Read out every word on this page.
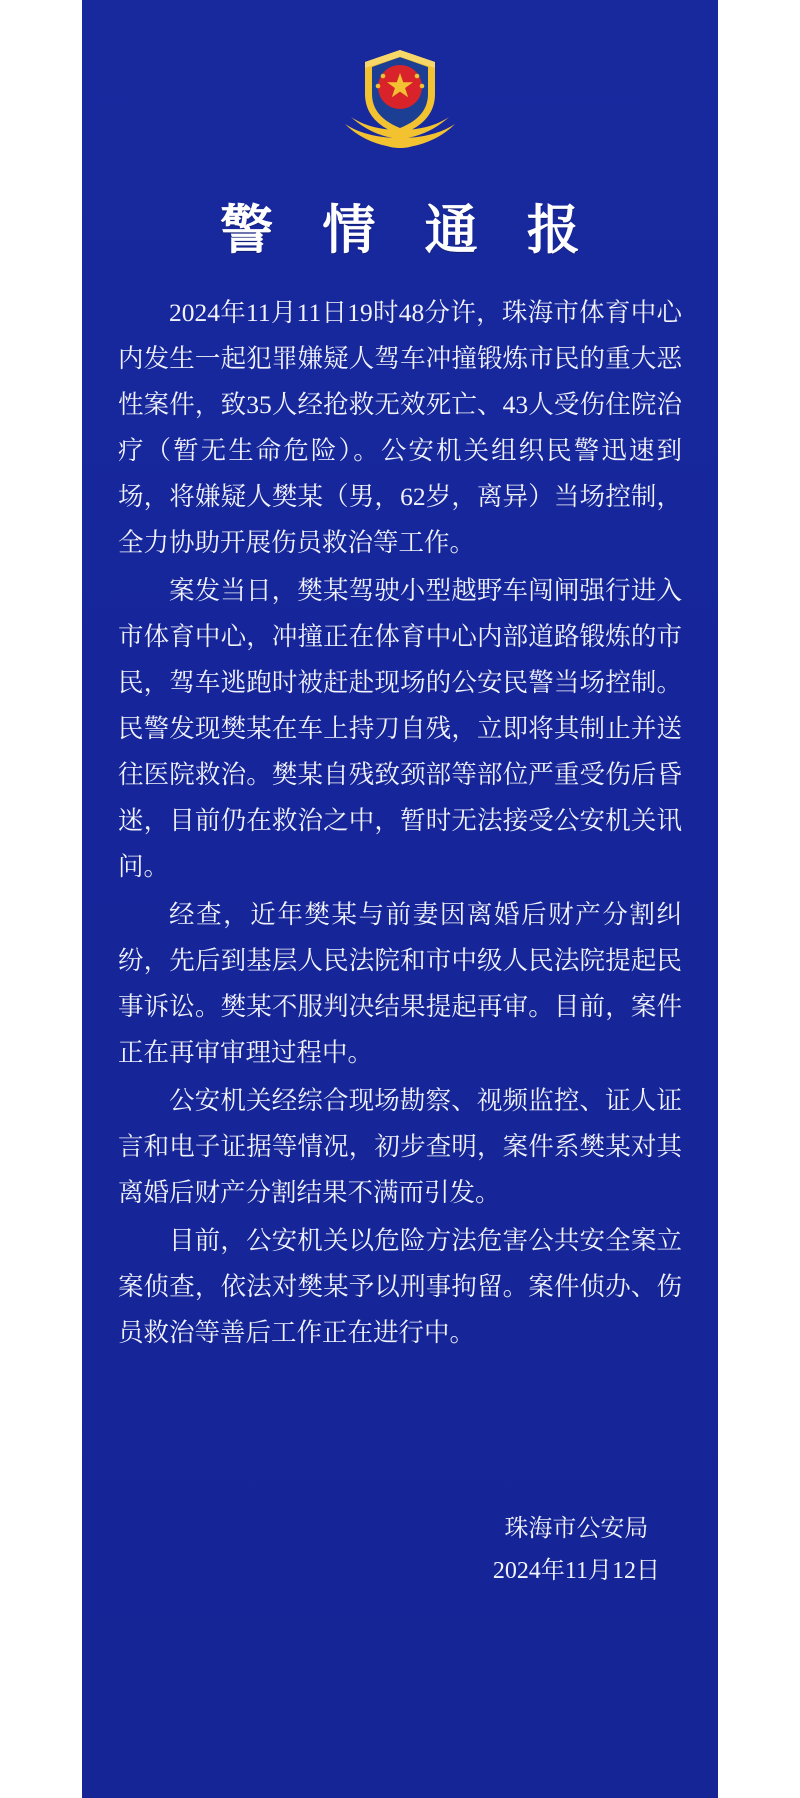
警 情 通 报

2024年11月11日19时48分许，珠海市体育中心内发生一起犯罪嫌疑人驾车冲撞锻炼市民的重大恶性案件，致35人经抢救无效死亡、43人受伤住院治疗（暂无生命危险）。公安机关组织民警迅速到场，将嫌疑人樊某（男，62岁，离异）当场控制，全力协助开展伤员救治等工作。

案发当日，樊某驾驶小型越野车闯闸强行进入市体育中心，冲撞正在体育中心内部道路锻炼的市民，驾车逃跑时被赶赴现场的公安民警当场控制。民警发现樊某在车上持刀自残，立即将其制止并送往医院救治。樊某自残致颈部等部位严重受伤后昏迷，目前仍在救治之中，暂时无法接受公安机关讯问。

经查，近年樊某与前妻因离婚后财产分割纠纷，先后到基层人民法院和市中级人民法院提起民事诉讼。樊某不服判决结果提起再审。目前，案件正在再审审理过程中。

公安机关经综合现场勘察、视频监控、证人证言和电子证据等情况，初步查明，案件系樊某对其离婚后财产分割结果不满而引发。

目前，公安机关以危险方法危害公共安全案立案侦查，依法对樊某予以刑事拘留。案件侦办、伤员救治等善后工作正在进行中。

珠海市公安局
2024年11月12日
